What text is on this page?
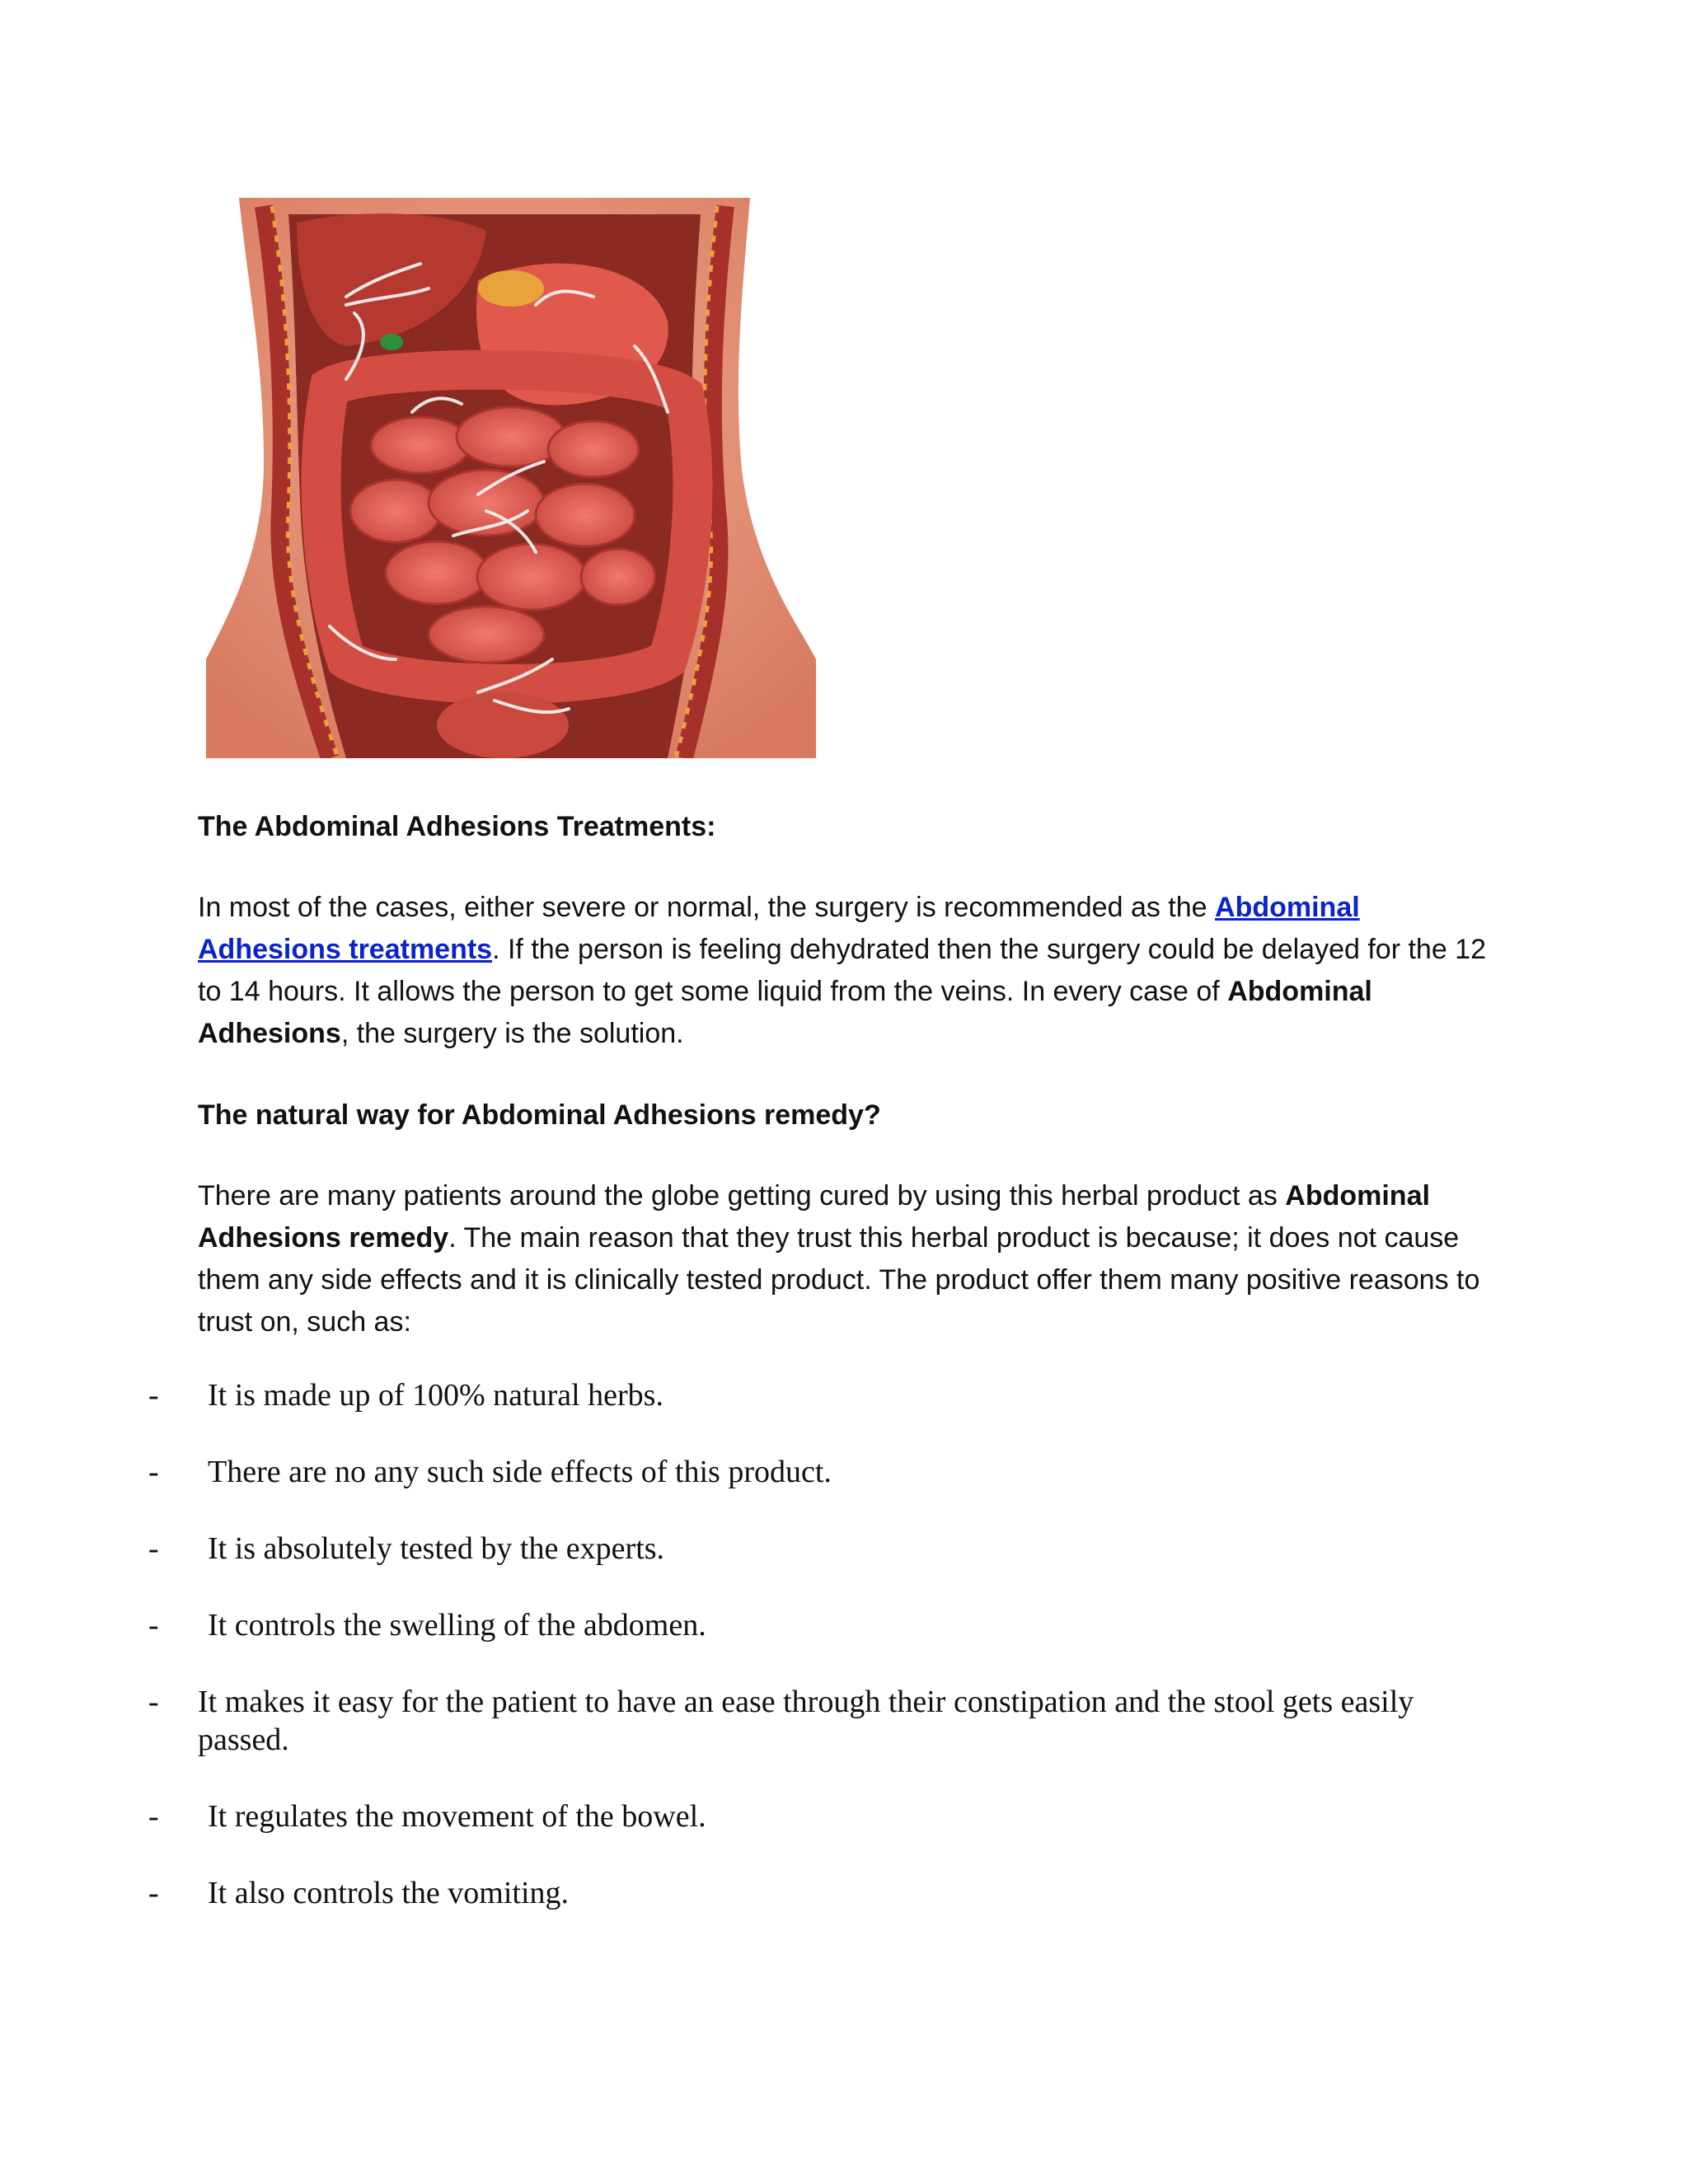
The Abdominal Adhesions Treatments:

In most of the cases, either severe or normal, the surgery is recommended as the Abdominal Adhesions treatments. If the person is feeling dehydrated then the surgery could be delayed for the 12 to 14 hours. It allows the person to get some liquid from the veins. In every case of Abdominal Adhesions, the surgery is the solution.

The natural way for Abdominal Adhesions remedy?

There are many patients around the globe getting cured by using this herbal product as Abdominal Adhesions remedy. The main reason that they trust this herbal product is because; it does not cause them any side effects and it is clinically tested product. The product offer them many positive reasons to trust on, such as:

-	It is made up of 100% natural herbs.
-	There are no any such side effects of this product.
-	It is absolutely tested by the experts.
-	It controls the swelling of the abdomen.
- It makes it easy for the patient to have an ease through their constipation and the stool gets easily passed.
-	It regulates the movement of the bowel.
-	It also controls the vomiting.
